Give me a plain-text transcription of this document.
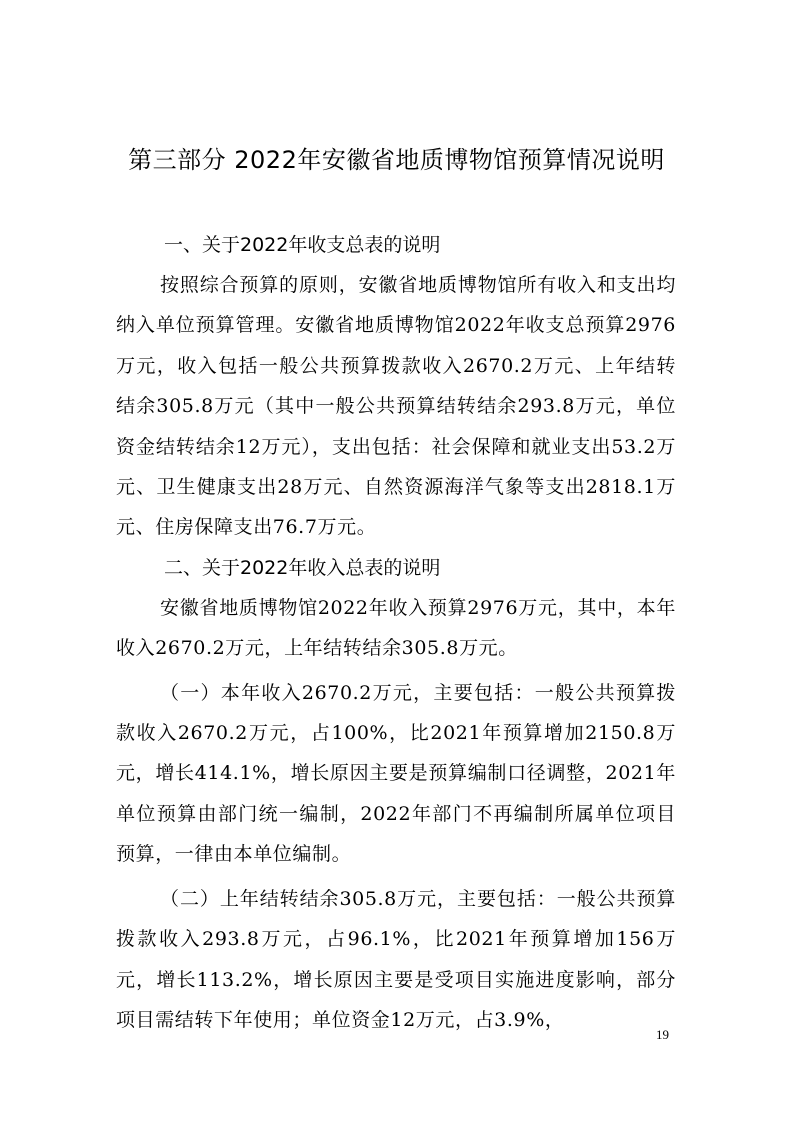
第三部分 2022年安徽省地质博物馆预算情况说明
一、关于2022年收支总表的说明

按照综合预算的原则，安徽省地质博物馆所有收入和支出均纳入单位预算管理。安徽省地质博物馆2022年收支总预算2976万元，收入包括一般公共预算拨款收入2670.2万元、上年结转结余305.8万元（其中一般公共预算结转结余293.8万元，单位资金结转结余12万元），支出包括：社会保障和就业支出53.2万元、卫生健康支出28万元、自然资源海洋气象等支出2818.1万元、住房保障支出76.7万元。

二、关于2022年收入总表的说明

安徽省地质博物馆2022年收入预算2976万元，其中，本年收入2670.2万元，上年结转结余305.8万元。

（一）本年收入2670.2万元，主要包括：一般公共预算拨款收入2670.2万元，占100%，比2021年预算增加2150.8万元，增长414.1%，增长原因主要是预算编制口径调整，2021年单位预算由部门统一编制，2022年部门不再编制所属单位项目预算，一律由本单位编制。

（二）上年结转结余305.8万元，主要包括：一般公共预算拨款收入293.8万元，占96.1%，比2021年预算增加156万元，增长113.2%，增长原因主要是受项目实施进度影响，部分项目需结转下年使用；单位资金12万元，占3.9%，

19
